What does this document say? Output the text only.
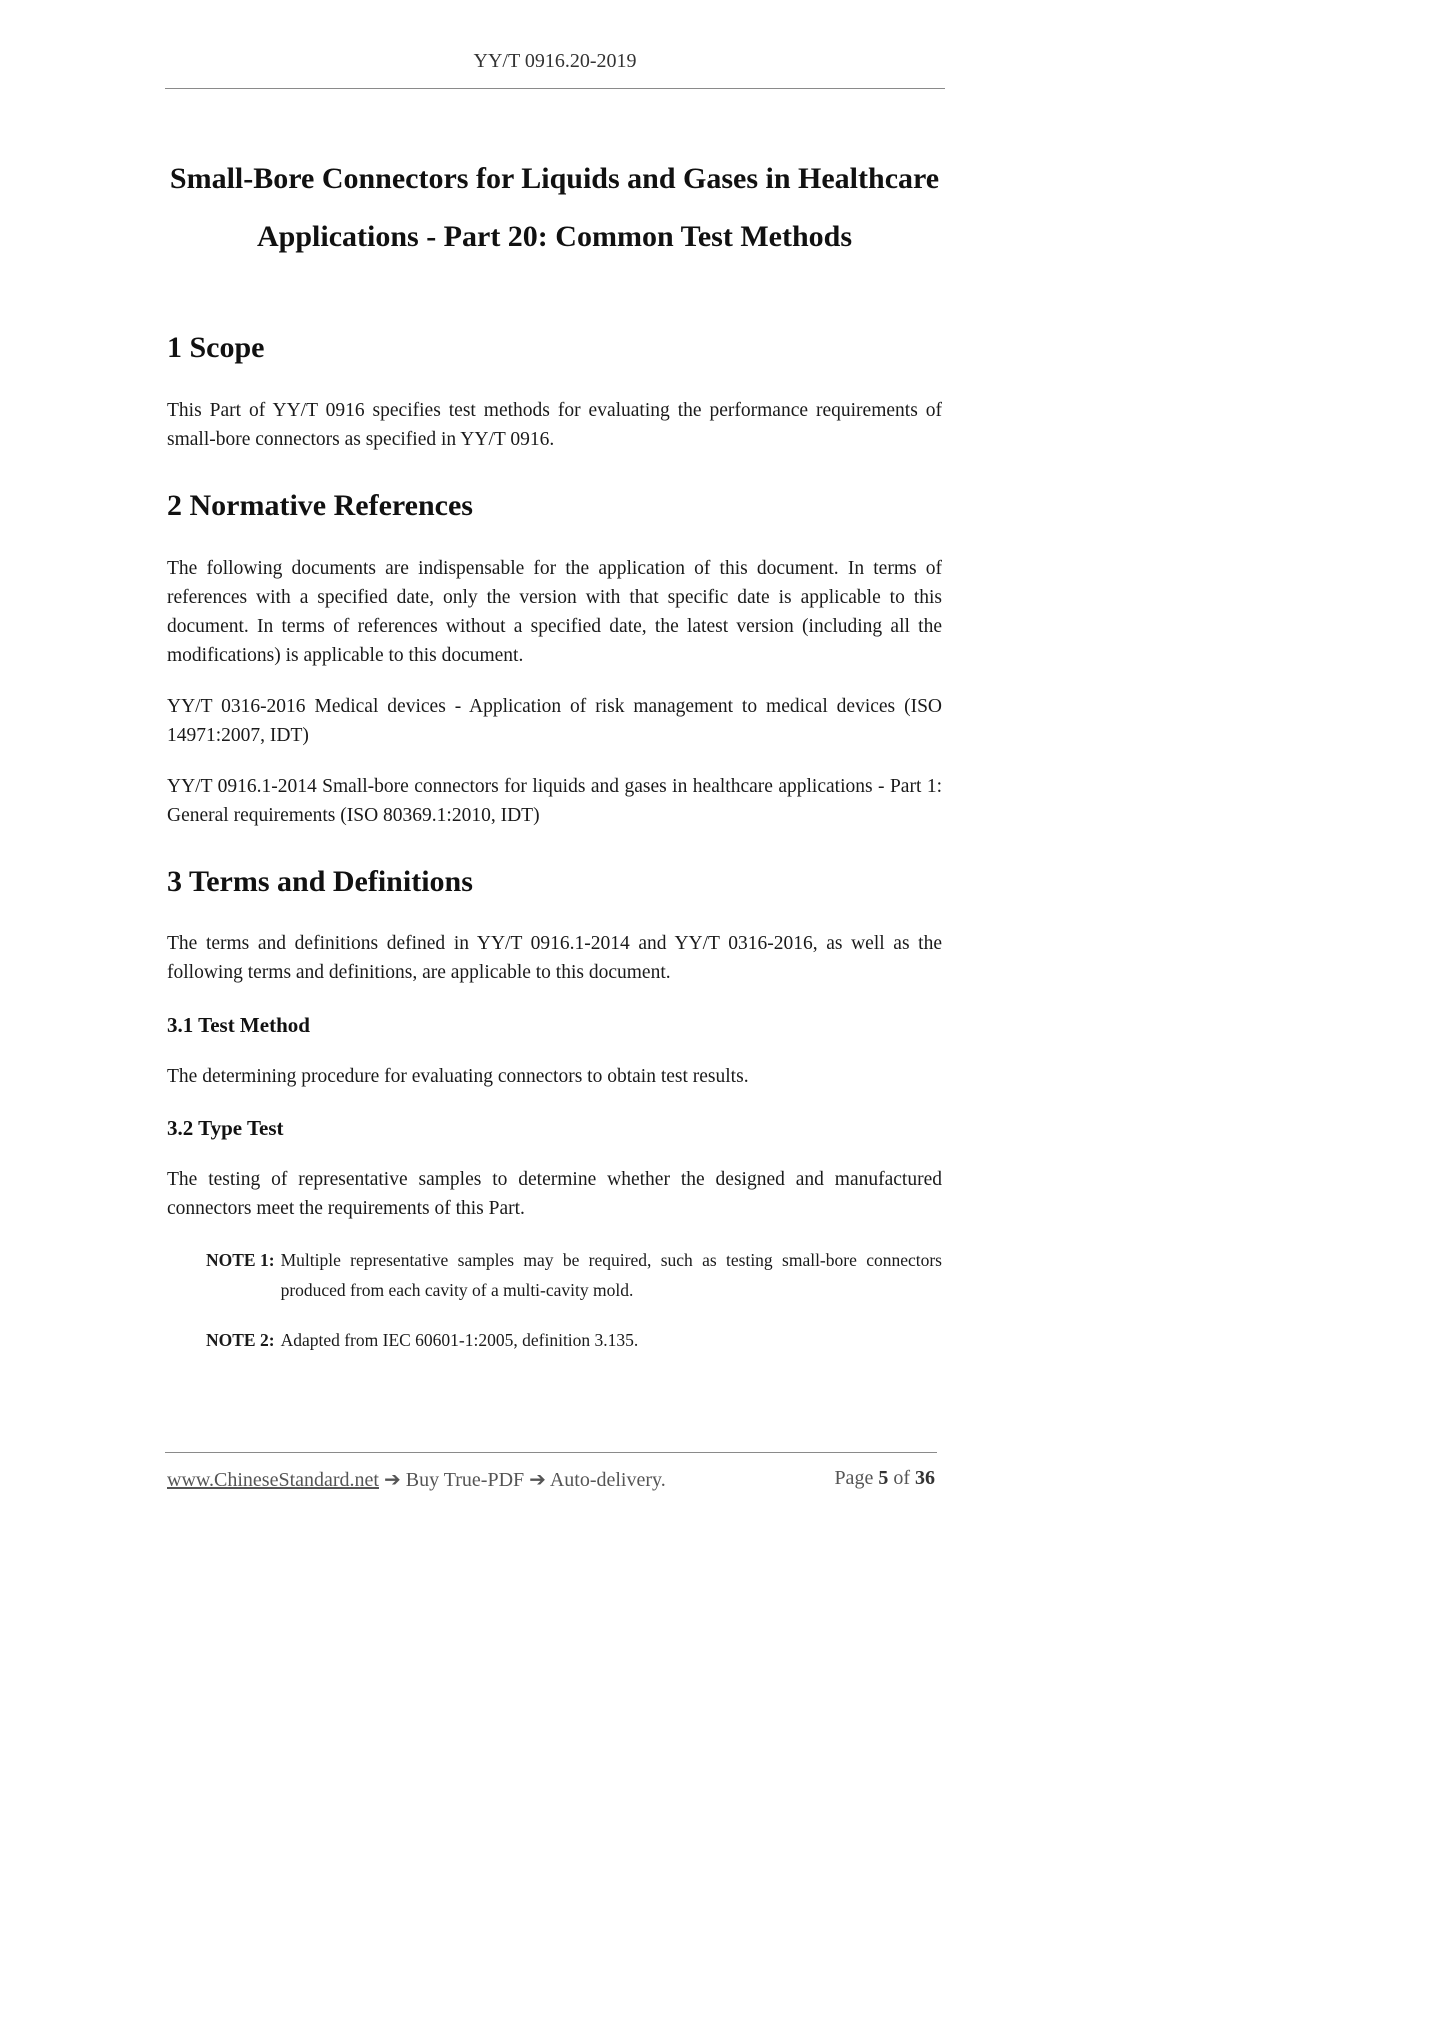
YY/T 0916.20-2019
Small-Bore Connectors for Liquids and Gases in Healthcare
Applications - Part 20: Common Test Methods
1 Scope

This Part of YY/T 0916 specifies test methods for evaluating the performance requirements of small-bore connectors as specified in YY/T 0916.

2 Normative References

The following documents are indispensable for the application of this document. In terms of references with a specified date, only the version with that specific date is applicable to this document. In terms of references without a specified date, the latest version (including all the modifications) is applicable to this document.

YY/T 0316-2016 Medical devices - Application of risk management to medical devices (ISO 14971:2007, IDT)

YY/T 0916.1-2014 Small-bore connectors for liquids and gases in healthcare applications - Part 1: General requirements (ISO 80369.1:2010, IDT)

3 Terms and Definitions

The terms and definitions defined in YY/T 0916.1-2014 and YY/T 0316-2016, as well as the following terms and definitions, are applicable to this document.

3.1 Test Method

The determining procedure for evaluating connectors to obtain test results.

3.2 Type Test

The testing of representative samples to determine whether the designed and manufactured connectors meet the requirements of this Part.

NOTE 1: Multiple representative samples may be required, such as testing small-bore connectors produced from each cavity of a multi-cavity mold.
NOTE 2: Adapted from IEC 60601-1:2005, definition 3.135.
www.ChineseStandard.net ➔ Buy True-PDF ➔ Auto-delivery.	Page 5 of 36
